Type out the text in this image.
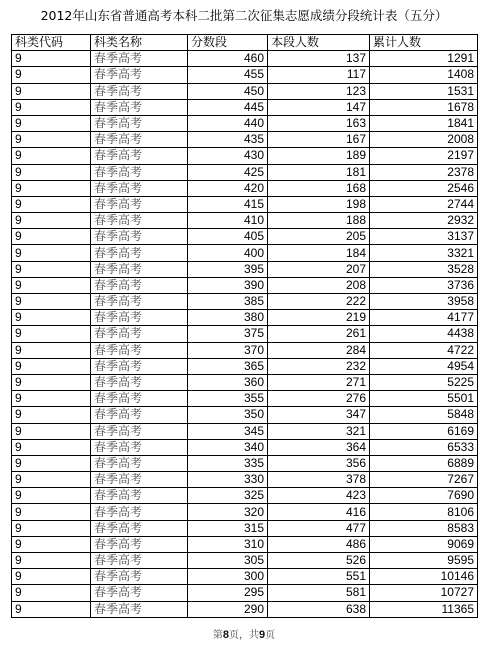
2012年山东省普通高考本科二批第二次征集志愿成绩分段统计表（五分）
科类代码	科类名称	分数段	本段人数	累计人数
9	春季高考	460	137	1291
9	春季高考	455	117	1408
9	春季高考	450	123	1531
9	春季高考	445	147	1678
9	春季高考	440	163	1841
9	春季高考	435	167	2008
9	春季高考	430	189	2197
9	春季高考	425	181	2378
9	春季高考	420	168	2546
9	春季高考	415	198	2744
9	春季高考	410	188	2932
9	春季高考	405	205	3137
9	春季高考	400	184	3321
9	春季高考	395	207	3528
9	春季高考	390	208	3736
9	春季高考	385	222	3958
9	春季高考	380	219	4177
9	春季高考	375	261	4438
9	春季高考	370	284	4722
9	春季高考	365	232	4954
9	春季高考	360	271	5225
9	春季高考	355	276	5501
9	春季高考	350	347	5848
9	春季高考	345	321	6169
9	春季高考	340	364	6533
9	春季高考	335	356	6889
9	春季高考	330	378	7267
9	春季高考	325	423	7690
9	春季高考	320	416	8106
9	春季高考	315	477	8583
9	春季高考	310	486	9069
9	春季高考	305	526	9595
9	春季高考	300	551	10146
9	春季高考	295	581	10727
9	春季高考	290	638	11365
第8页，共9页
